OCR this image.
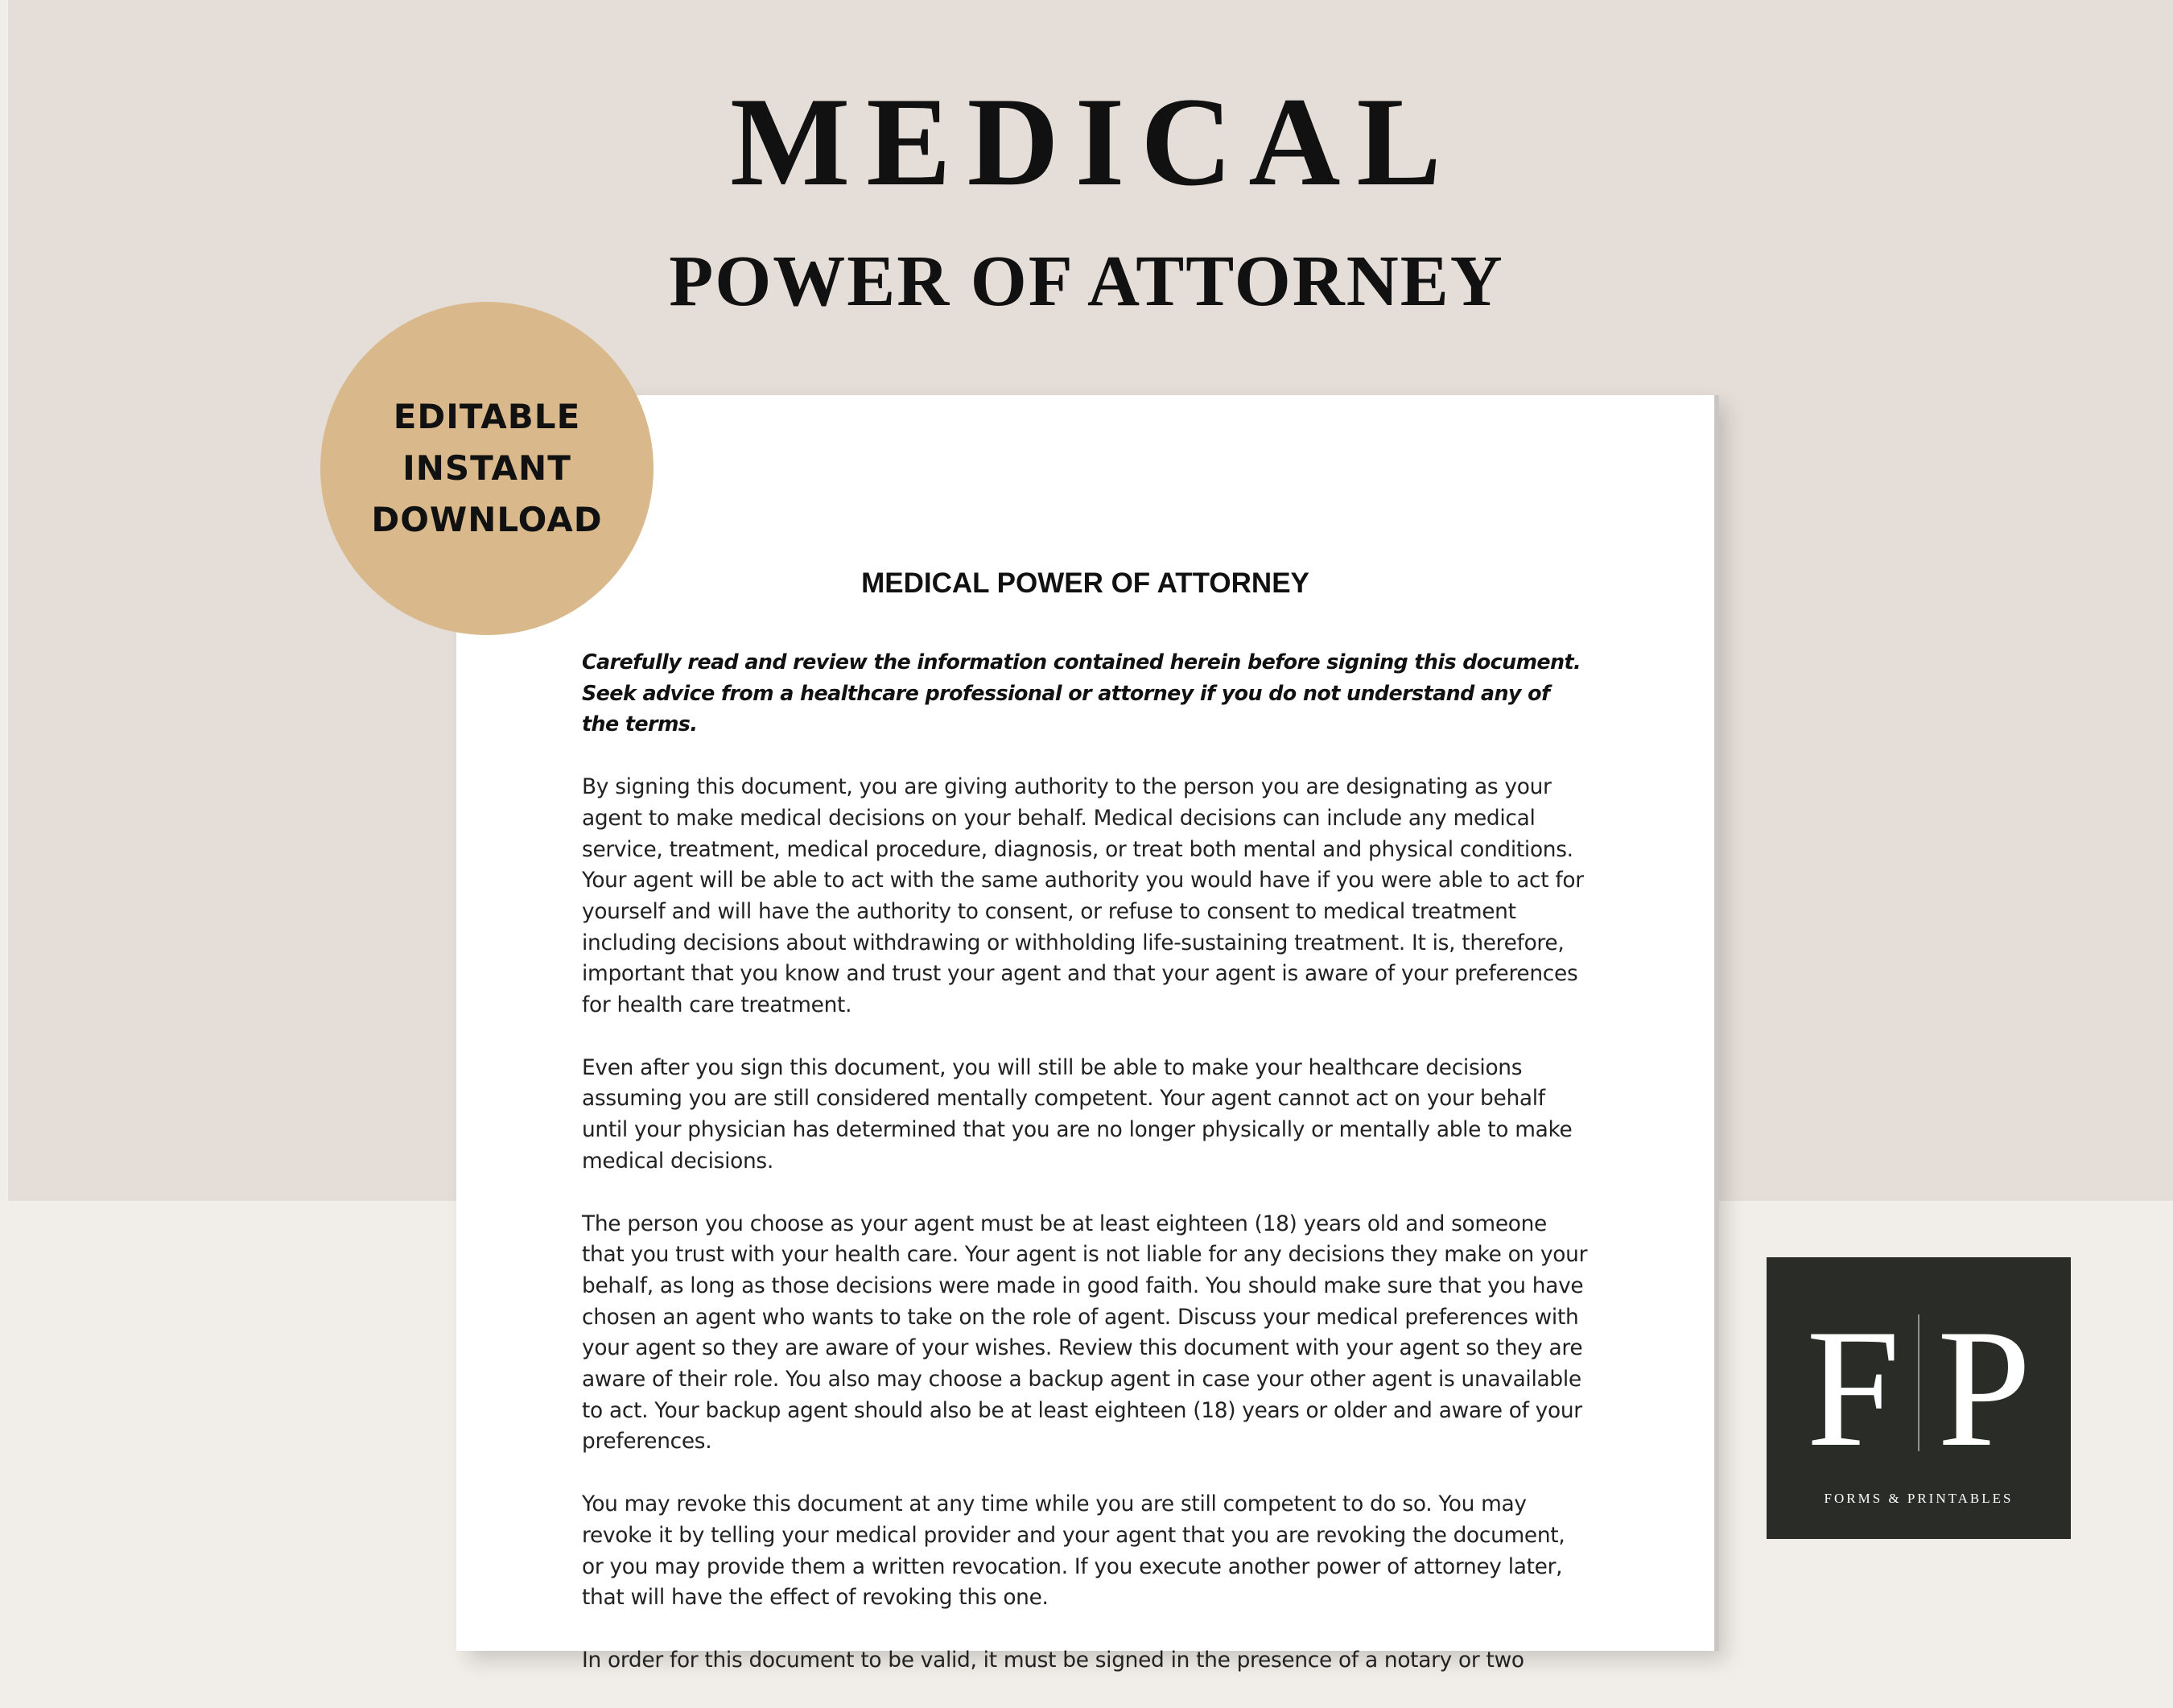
MEDICAL
POWER OF ATTORNEY
MEDICAL POWER OF ATTORNEY

Carefully read and review the information contained herein before signing this document. Seek advice from a healthcare professional or attorney if you do not understand any of the terms.

By signing this document, you are giving authority to the person you are designating as your agent to make medical decisions on your behalf. Medical decisions can include any medical service, treatment, medical procedure, diagnosis, or treat both mental and physical conditions. Your agent will be able to act with the same authority you would have if you were able to act for yourself and will have the authority to consent, or refuse to consent to medical treatment including decisions about withdrawing or withholding life-sustaining treatment. It is, therefore, important that you know and trust your agent and that your agent is aware of your preferences for health care treatment.

Even after you sign this document, you will still be able to make your healthcare decisions assuming you are still considered mentally competent. Your agent cannot act on your behalf until your physician has determined that you are no longer physically or mentally able to make medical decisions.

The person you choose as your agent must be at least eighteen (18) years old and someone that you trust with your health care. Your agent is not liable for any decisions they make on your behalf, as long as those decisions were made in good faith. You should make sure that you have chosen an agent who wants to take on the role of agent. Discuss your medical preferences with your agent so they are aware of your wishes. Review this document with your agent so they are aware of their role. You also may choose a backup agent in case your other agent is unavailable to act. Your backup agent should also be at least eighteen (18) years or older and aware of your preferences.

You may revoke this document at any time while you are still competent to do so. You may revoke it by telling your medical provider and your agent that you are revoking the document, or you may provide them a written revocation. If you execute another power of attorney later, that will have the effect of revoking this one.

In order for this document to be valid, it must be signed in the presence of a notary or two

EDITABLE
INSTANT
DOWNLOAD
F P
FORMS & PRINTABLES
